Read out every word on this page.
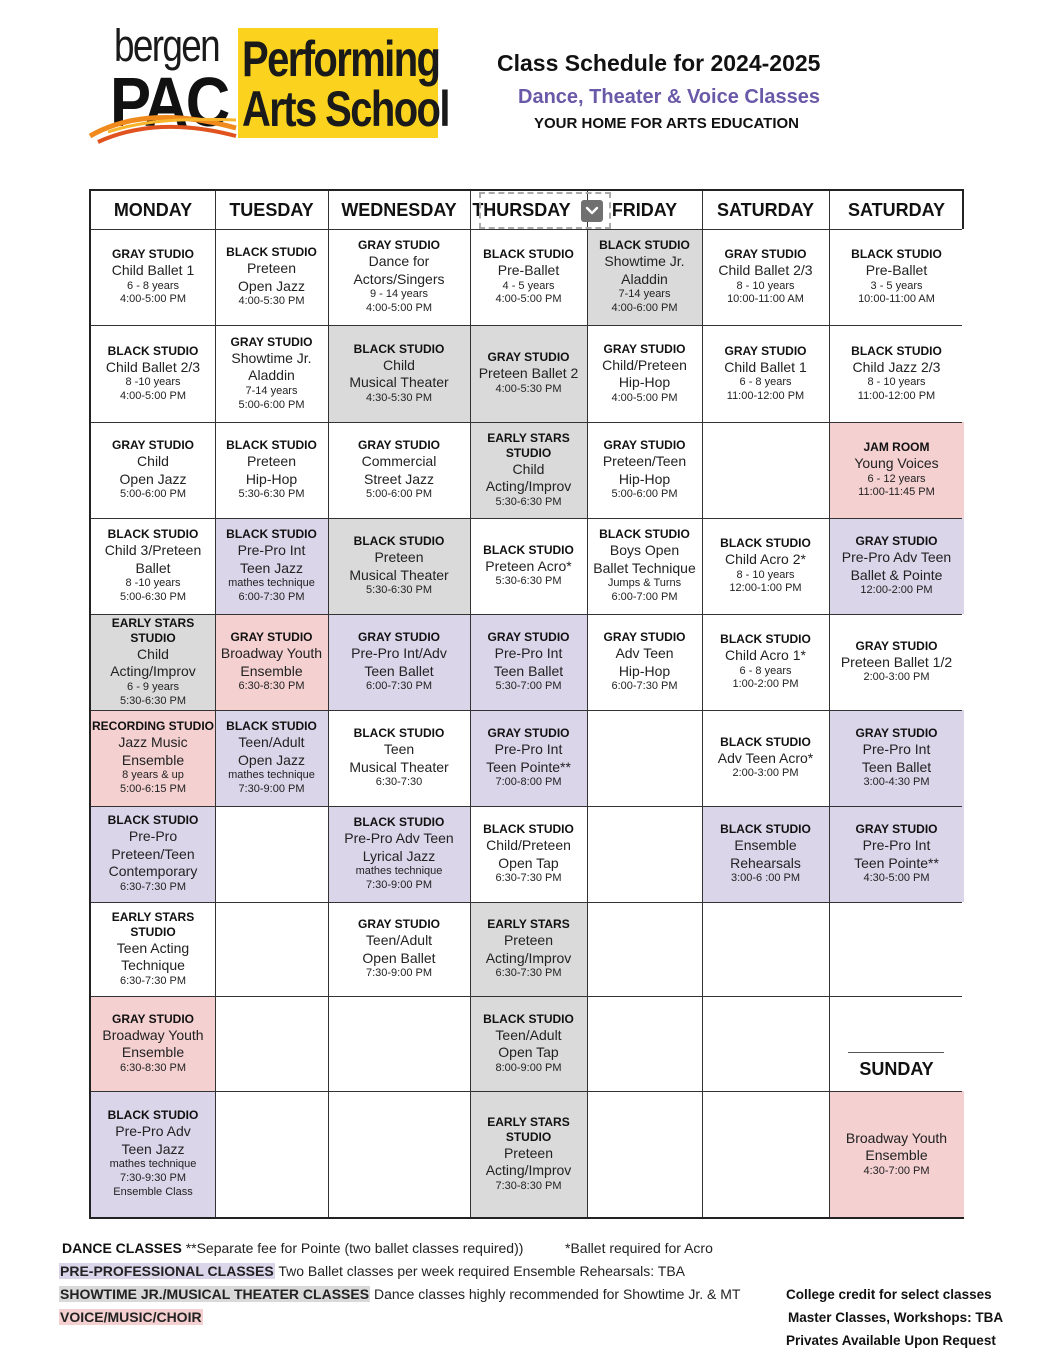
bergen
PAC
Performing
Arts School
Class Schedule for 2024-2025
Dance, Theater & Voice Classes
YOUR HOME FOR ARTS EDUCATION
MONDAY TUESDAY WEDNESDAY THURSDAY FRIDAY SATURDAY SATURDAY
GRAY STUDIO
Child Ballet 1
6 - 8 years
4:00-5:00 PM
BLACK STUDIO
Preteen
Open Jazz
4:00-5:30 PM
GRAY STUDIO
Dance for
Actors/Singers
9 - 14 years
4:00-5:00 PM
BLACK STUDIO
Pre-Ballet
4 - 5 years
4:00-5:00 PM
BLACK STUDIO
Showtime Jr.
Aladdin
7-14 years
4:00-6:00 PM
GRAY STUDIO
Child Ballet 2/3
8 - 10 years
10:00-11:00 AM
BLACK STUDIO
Pre-Ballet
3 - 5 years
10:00-11:00 AM
BLACK STUDIO
Child Ballet 2/3
8 -10 years
4:00-5:00 PM
GRAY STUDIO
Showtime Jr.
Aladdin
7-14 years
5:00-6:00 PM
BLACK STUDIO
Child
Musical Theater
4:30-5:30 PM
GRAY STUDIO
Preteen Ballet 2
4:00-5:30 PM
GRAY STUDIO
Child/Preteen
Hip-Hop
4:00-5:00 PM
GRAY STUDIO
Child Ballet 1
6 - 8 years
11:00-12:00 PM
BLACK STUDIO
Child Jazz 2/3
8 - 10 years
11:00-12:00 PM
GRAY STUDIO
Child
Open Jazz
5:00-6:00 PM
BLACK STUDIO
Preteen
Hip-Hop
5:30-6:30 PM
GRAY STUDIO
Commercial
Street Jazz
5:00-6:00 PM
EARLY STARS
STUDIO
Child
Acting/Improv
5:30-6:30 PM
GRAY STUDIO
Preteen/Teen
Hip-Hop
5:00-6:00 PM
JAM ROOM
Young Voices
6 - 12 years
11:00-11:45 PM
BLACK STUDIO
Child 3/Preteen
Ballet
8 -10 years
5:00-6:30 PM
BLACK STUDIO
Pre-Pro Int
Teen Jazz
mathes technique
6:00-7:30 PM
BLACK STUDIO
Preteen
Musical Theater
5:30-6:30 PM
BLACK STUDIO
Preteen Acro*
5:30-6:30 PM
BLACK STUDIO
Boys Open
Ballet Technique
Jumps & Turns
6:00-7:00 PM
BLACK STUDIO
Child Acro 2*
8 - 10 years
12:00-1:00 PM
GRAY STUDIO
Pre-Pro Adv Teen
Ballet & Pointe
12:00-2:00 PM
EARLY STARS STUDIO
Child
Acting/Improv
6 - 9 years
5:30-6:30 PM
GRAY STUDIO
Broadway Youth
Ensemble
6:30-8:30 PM
GRAY STUDIO
Pre-Pro Int/Adv
Teen Ballet
6:00-7:30 PM
GRAY STUDIO
Pre-Pro Int
Teen Ballet
5:30-7:00 PM
GRAY STUDIO
Adv Teen
Hip-Hop
6:00-7:30 PM
BLACK STUDIO
Child Acro 1*
6 - 8 years
1:00-2:00 PM
GRAY STUDIO
Preteen Ballet 1/2
2:00-3:00 PM
RECORDING STUDIO
Jazz Music
Ensemble
8 years & up
5:00-6:15 PM
BLACK STUDIO
Teen/Adult
Open Jazz
mathes technique
7:30-9:00 PM
BLACK STUDIO
Teen
Musical Theater
6:30-7:30
GRAY STUDIO
Pre-Pro Int
Teen Pointe**
7:00-8:00 PM
BLACK STUDIO
Adv Teen Acro*
2:00-3:00 PM
GRAY STUDIO
Pre-Pro Int
Teen Ballet
3:00-4:30 PM
BLACK STUDIO
Pre-Pro
Preteen/Teen
Contemporary
6:30-7:30 PM
BLACK STUDIO
Pre-Pro Adv Teen
Lyrical Jazz
mathes technique
7:30-9:00 PM
BLACK STUDIO
Child/Preteen
Open Tap
6:30-7:30 PM
BLACK STUDIO
Ensemble
Rehearsals
3:00-6 :00 PM
GRAY STUDIO
Pre-Pro Int
Teen Pointe**
4:30-5:00 PM
EARLY STARS STUDIO
Teen Acting
Technique
6:30-7:30 PM
GRAY STUDIO
Teen/Adult
Open Ballet
7:30-9:00 PM
EARLY STARS
Preteen
Acting/Improv
6:30-7:30 PM
GRAY STUDIO
Broadway Youth
Ensemble
6:30-8:30 PM
BLACK STUDIO
Teen/Adult
Open Tap
8:00-9:00 PM	SUNDAY
BLACK STUDIO
Pre-Pro Adv
Teen Jazz
mathes technique
7:30-9:30 PM
Ensemble Class
EARLY STARS
STUDIO
Preteen
Acting/Improv
7:30-8:30 PM
Broadway Youth
Ensemble
4:30-7:00 PM
DANCE CLASSES **Separate fee for Pointe (two ballet classes required))	*Ballet required for Acro
PRE-PROFESSIONAL CLASSES Two Ballet classes per week required Ensemble Rehearsals: TBA
SHOWTIME JR./MUSICAL THEATER CLASSES Dance classes highly recommended for Showtime Jr. & MT
VOICE/MUSIC/CHOIR
College credit for select classes
Master Classes, Workshops: TBA
Privates Available Upon Request
